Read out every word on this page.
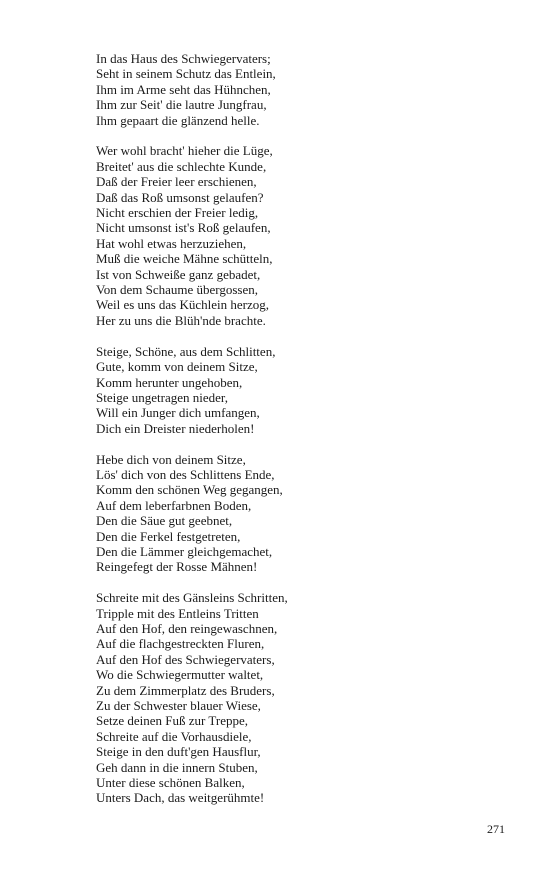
In das Haus des Schwiegervaters;
Seht in seinem Schutz das Entlein,
Ihm im Arme seht das Hühnchen,
Ihm zur Seit' die lautre Jungfrau,
Ihm gepaart die glänzend helle.
Wer wohl bracht' hieher die Lüge,
Breitet' aus die schlechte Kunde,
Daß der Freier leer erschienen,
Daß das Roß umsonst gelaufen?
Nicht erschien der Freier ledig,
Nicht umsonst ist's Roß gelaufen,
Hat wohl etwas herzuziehen,
Muß die weiche Mähne schütteln,
Ist von Schweiße ganz gebadet,
Von dem Schaume übergossen,
Weil es uns das Küchlein herzog,
Her zu uns die Blüh'nde brachte.
Steige, Schöne, aus dem Schlitten,
Gute, komm von deinem Sitze,
Komm herunter ungehoben,
Steige ungetragen nieder,
Will ein Junger dich umfangen,
Dich ein Dreister niederholen!
Hebe dich von deinem Sitze,
Lös' dich von des Schlittens Ende,
Komm den schönen Weg gegangen,
Auf dem leberfarbnen Boden,
Den die Säue gut geebnet,
Den die Ferkel festgetreten,
Den die Lämmer gleichgemachet,
Reingefegt der Rosse Mähnen!
Schreite mit des Gänsleins Schritten,
Tripple mit des Entleins Tritten
Auf den Hof, den reingewaschnen,
Auf die flachgestreckten Fluren,
Auf den Hof des Schwiegervaters,
Wo die Schwiegermutter waltet,
Zu dem Zimmerplatz des Bruders,
Zu der Schwester blauer Wiese,
Setze deinen Fuß zur Treppe,
Schreite auf die Vorhausdiele,
Steige in den duft'gen Hausflur,
Geh dann in die innern Stuben,
Unter diese schönen Balken,
Unters Dach, das weitgerühmte!
271
